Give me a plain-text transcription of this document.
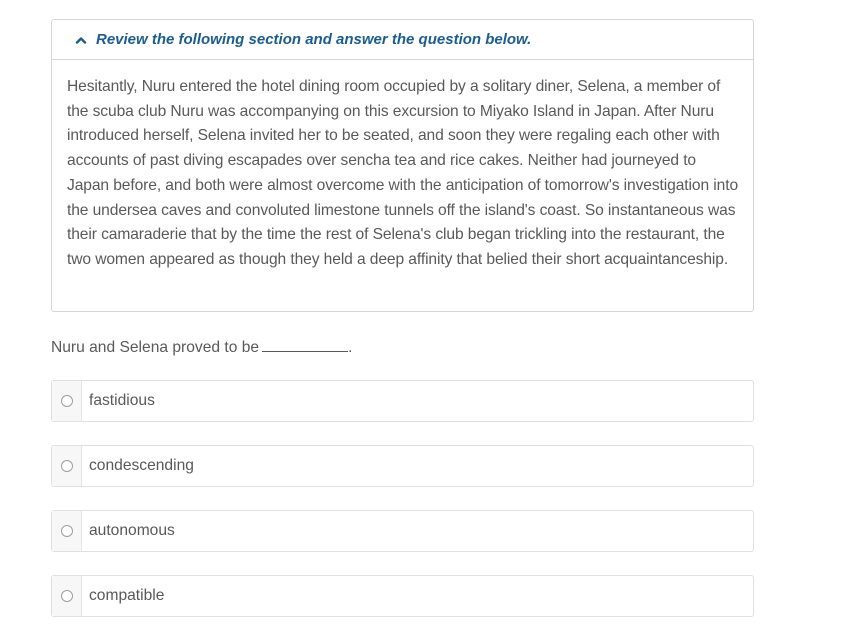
Review the following section and answer the question below.
Hesitantly, Nuru entered the hotel dining room occupied by a solitary diner, Selena, a member of the scuba club Nuru was accompanying on this excursion to Miyako Island in Japan. After Nuru introduced herself, Selena invited her to be seated, and soon they were regaling each other with accounts of past diving escapades over sencha tea and rice cakes. Neither had journeyed to Japan before, and both were almost overcome with the anticipation of tomorrow's investigation into the undersea caves and convoluted limestone tunnels off the island's coast. So instantaneous was their camaraderie that by the time the rest of Selena's club began trickling into the restaurant, the two women appeared as though they held a deep affinity that belied their short acquaintanceship.
Nuru and Selena proved to be	.
fastidious
condescending
autonomous
compatible
